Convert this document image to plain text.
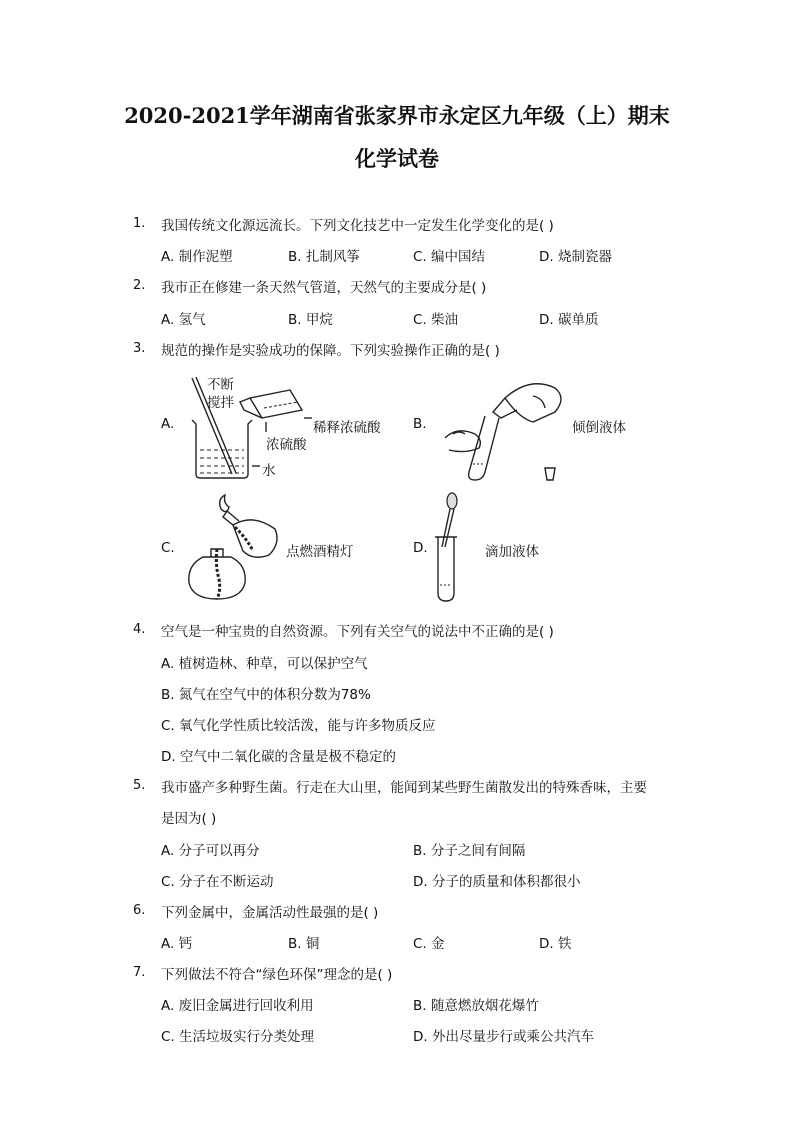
2020-2021学年湖南省张家界市永定区九年级（上）期末
化学试卷
1. 我国传统文化源远流长。下列文化技艺中一定发生化学变化的是( )
A. 制作泥塑	B. 扎制风筝	C. 编中国结	D. 烧制瓷器
2. 我市正在修建一条天然气管道，天然气的主要成分是( )
A. 氢气	B. 甲烷	C. 柴油	D. 碳单质
3. 规范的操作是实验成功的保障。下列实验操作正确的是( )
A.
不断
搅拌
稀释浓硫酸
浓硫酸
水
B.	倾倒液体
C.	点燃酒精灯	D.	滴加液体
4. 空气是一种宝贵的自然资源。下列有关空气的说法中不正确的是( )
A. 植树造林、种草，可以保护空气
B. 氮气在空气中的体积分数为78%
C. 氧气化学性质比较活泼，能与许多物质反应
D. 空气中二氧化碳的含量是极不稳定的
5. 我市盛产多种野生菌。行走在大山里，能闻到某些野生菌散发出的特殊香味，主要
是因为( )
A. 分子可以再分	B. 分子之间有间隔
C. 分子在不断运动	D. 分子的质量和体积都很小
6. 下列金属中，金属活动性最强的是( )
A. 钙	B. 铜	C. 金	D. 铁
7. 下列做法不符合“绿色环保”理念的是( )
A. 废旧金属进行回收利用	B. 随意燃放烟花爆竹
C. 生活垃圾实行分类处理	D. 外出尽量步行或乘公共汽车
